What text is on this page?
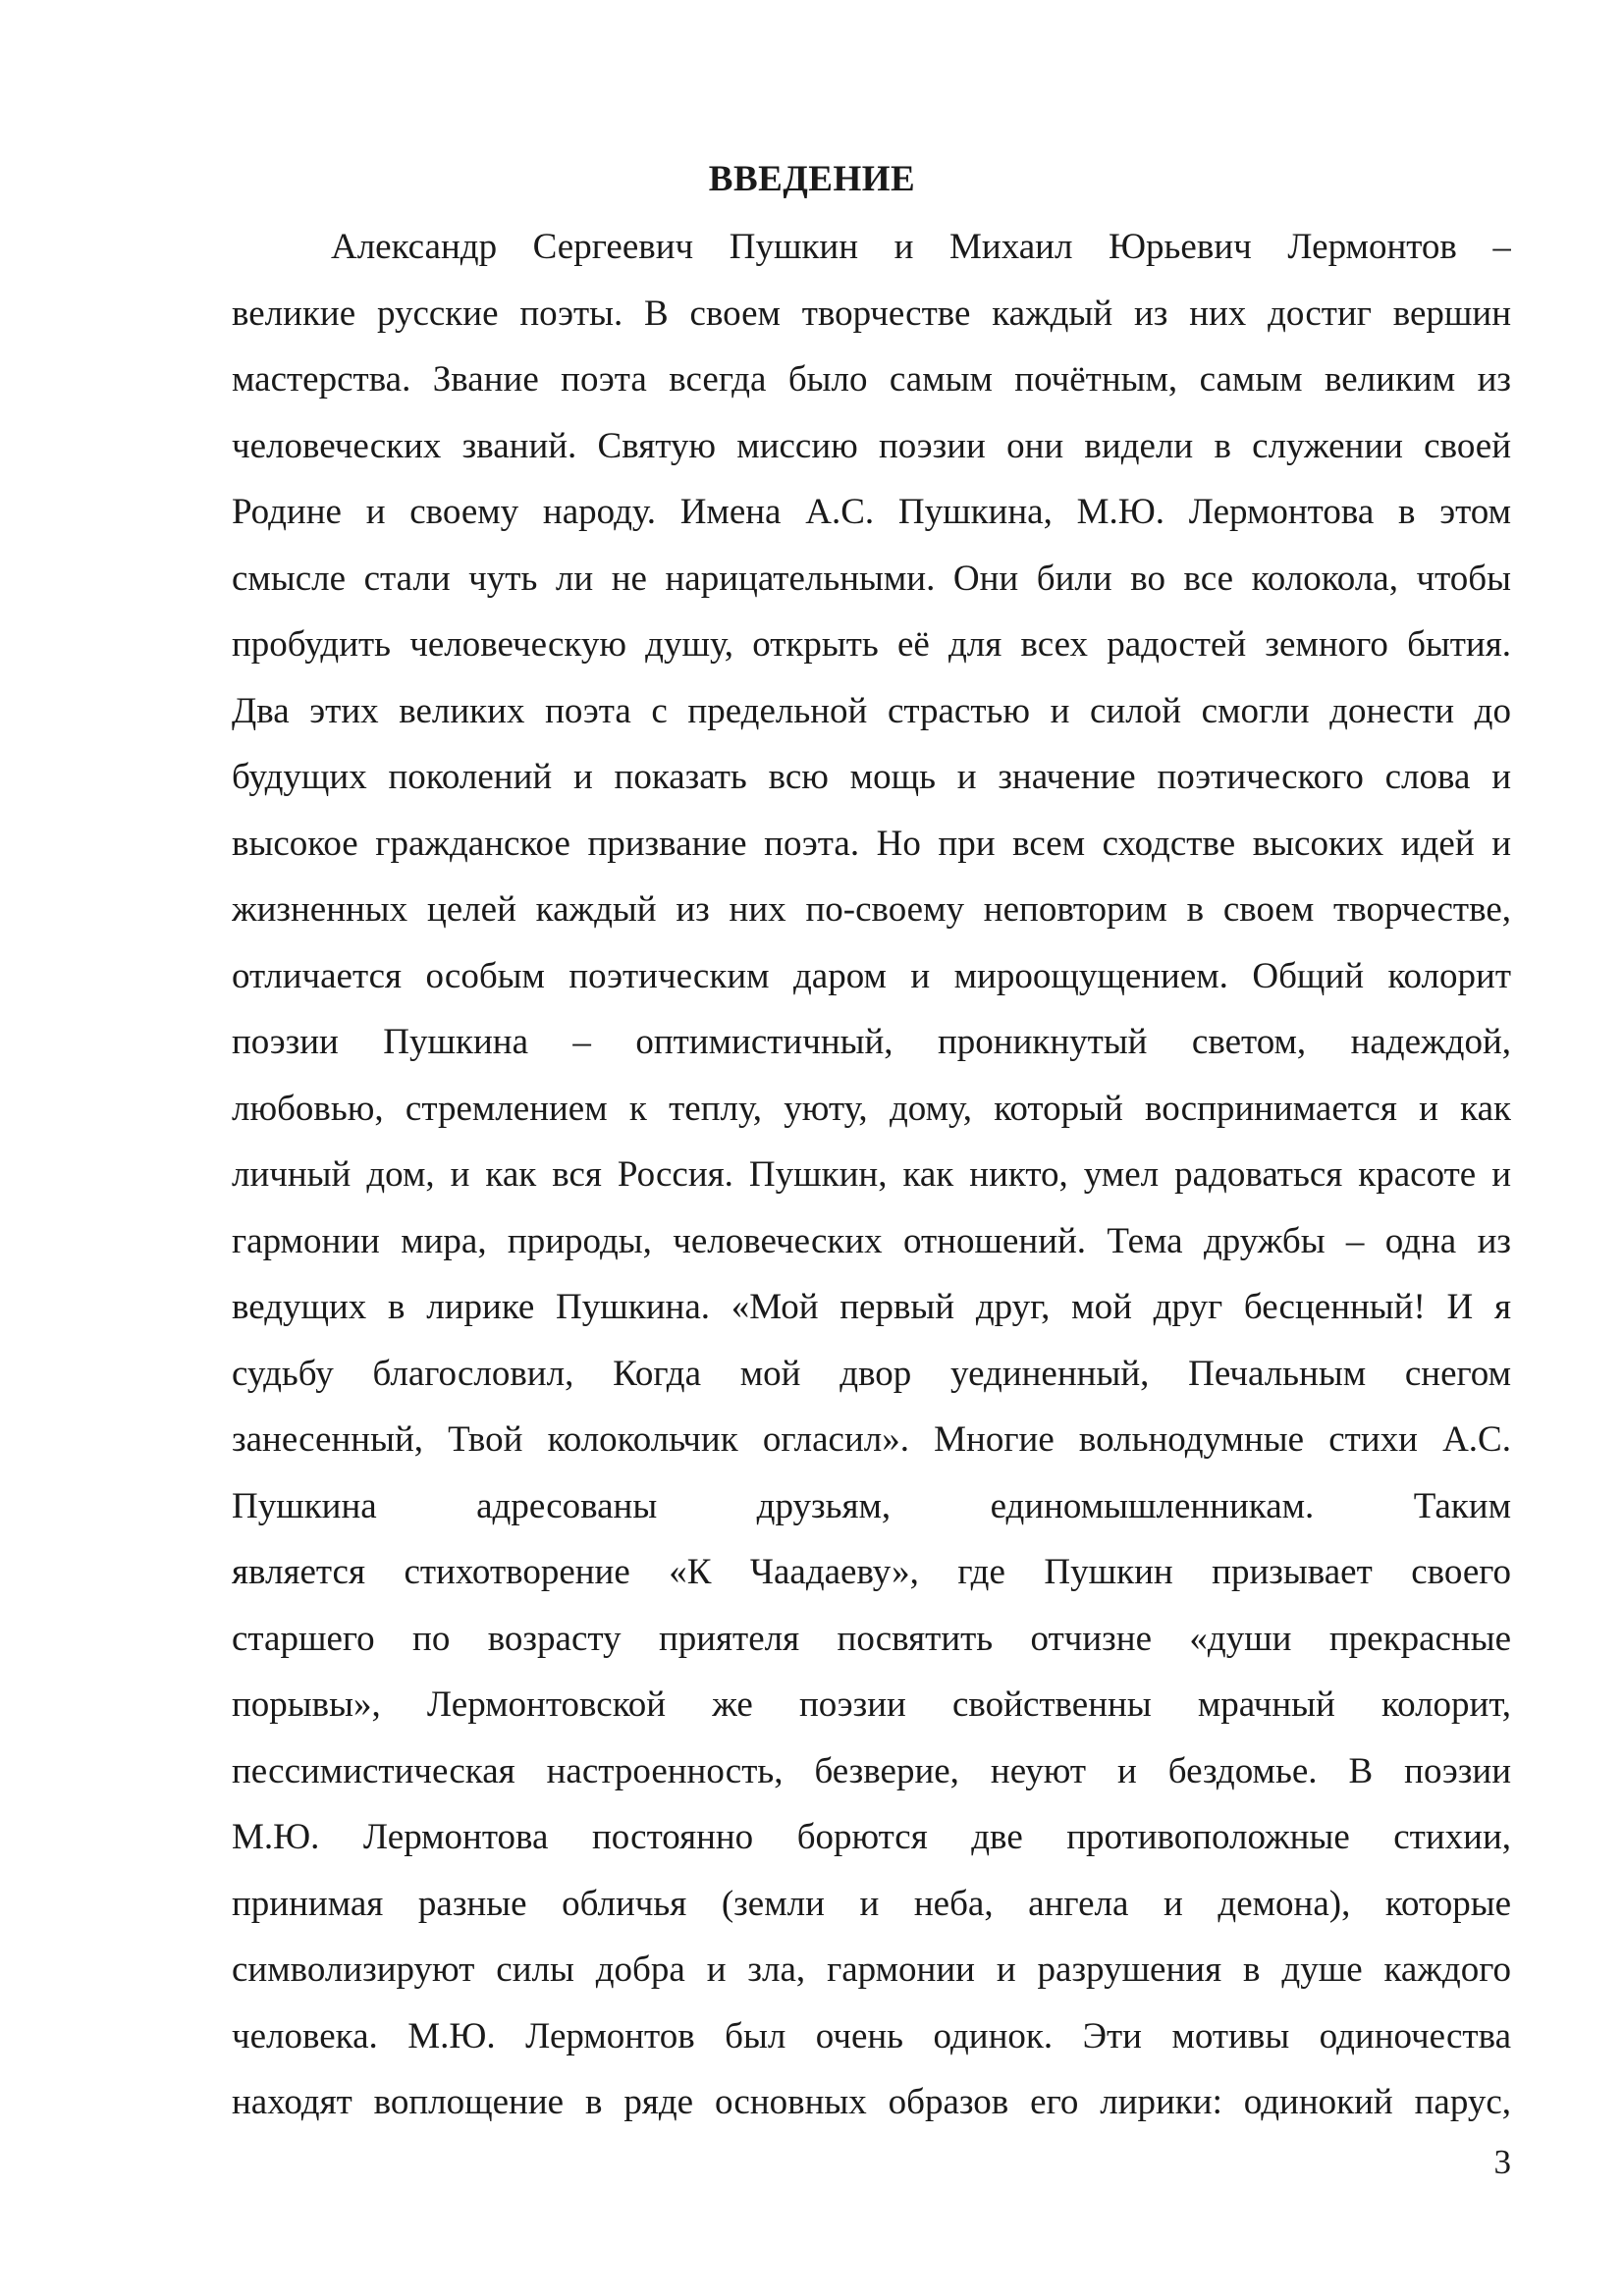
ВВЕДЕНИЕ
Александр Сергеевич Пушкин и Михаил Юрьевич Лермонтов –
великие русские поэты. В своем творчестве каждый из них достиг вершин
мастерства. Звание поэта всегда было самым почётным, самым великим из
человеческих званий. Святую миссию поэзии они видели в служении своей
Родине и своему народу. Имена А.С. Пушкина, М.Ю. Лермонтова в этом
смысле стали чуть ли не нарицательными. Они били во все колокола, чтобы
пробудить человеческую душу, открыть её для всех радостей земного бытия.
Два этих великих поэта с предельной страстью и силой смогли донести до
будущих поколений и показать всю мощь и значение поэтического слова и
высокое гражданское призвание поэта. Но при всем сходстве высоких идей и
жизненных целей каждый из них по-своему неповторим в своем творчестве,
отличается особым поэтическим даром и мироощущением. Общий колорит
поэзии Пушкина – оптимистичный, проникнутый светом, надеждой,
любовью, стремлением к теплу, уюту, дому, который воспринимается и как
личный дом, и как вся Россия. Пушкин, как никто, умел радоваться красоте и
гармонии мира, природы, человеческих отношений. Тема дружбы – одна из
ведущих в лирике Пушкина. «Мой первый друг, мой друг бесценный! И я
судьбу благословил, Когда мой двор уединенный, Печальным снегом
занесенный, Твой колокольчик огласил». Многие вольнодумные стихи А.С.
Пушкина адресованы друзьям, единомышленникам. Таким
является стихотворение «К Чаадаеву», где Пушкин призывает своего
старшего по возрасту приятеля посвятить отчизне «души прекрасные
порывы», Лермонтовской же поэзии свойственны мрачный колорит,
пессимистическая настроенность, безверие, неуют и бездомье. В поэзии
М.Ю. Лермонтова постоянно борются две противоположные стихии,
принимая разные обличья (земли и неба, ангела и демона), которые
символизируют силы добра и зла, гармонии и разрушения в душе каждого
человека. М.Ю. Лермонтов был очень одинок. Эти мотивы одиночества
находят воплощение в ряде основных образов его лирики: одинокий парус,
3
